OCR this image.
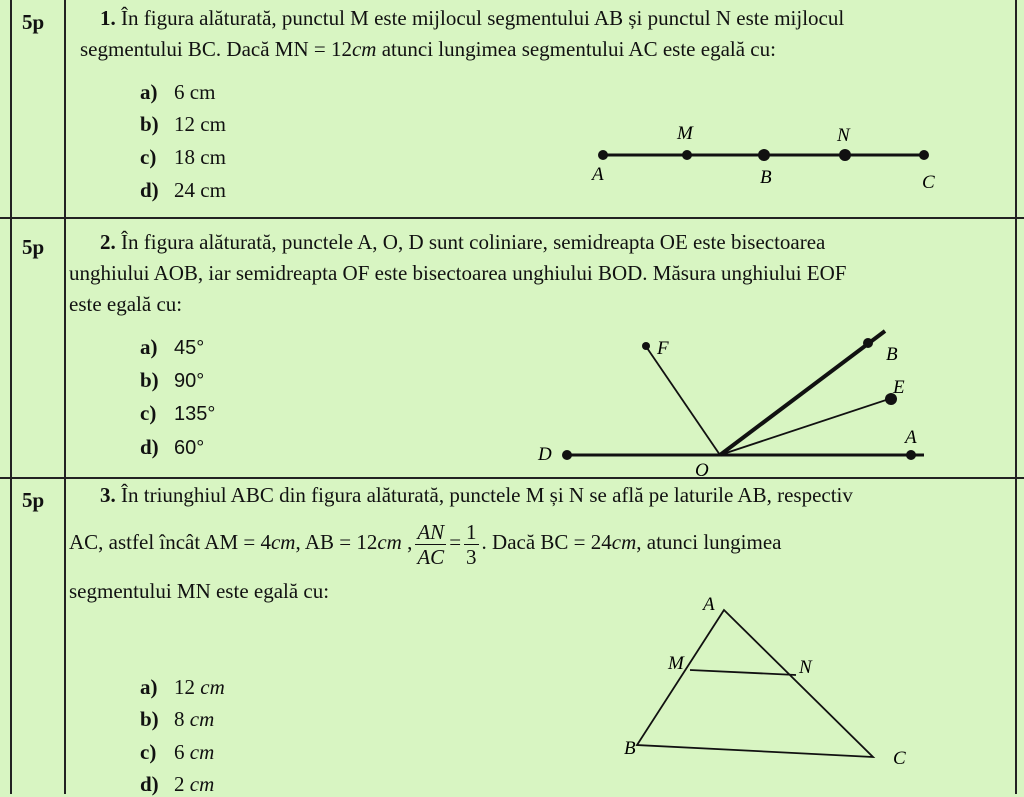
5p	1. În figura alăturată, punctul M este mijlocul segmentului AB și punctul N este mijlocul
segmentului BC. Dacă MN = 12cm atunci lungimea segmentului AC este egală cu:
a) 6 cm
b) 12 cm
c) 18 cm
d) 24 cm
A
M
B
N
C
5p	2. În figura alăturată, punctele A, O, D sunt coliniare, semidreapta OE este bisectoarea
unghiului AOB, iar semidreapta OF este bisectoarea unghiului BOD. Măsura unghiului EOF
este egală cu:
a) 45°
b) 90°
c) 135°
d) 60°
F	B
E
A
D
O
5p	3. În triunghiul ABC din figura alăturată, punctele M și N se află pe laturile AB, respectiv
AC, astfel încât AM = 4cm, AB = 12cm , $\frac{AN}{AC} = \frac{1}{3}$ . Dacă BC = 24cm, atunci lungimea
segmentului MN este egală cu:
a) 12 cm
b) 8 cm
c) 6 cm
d) 2 cm
A
M	N
B	C
